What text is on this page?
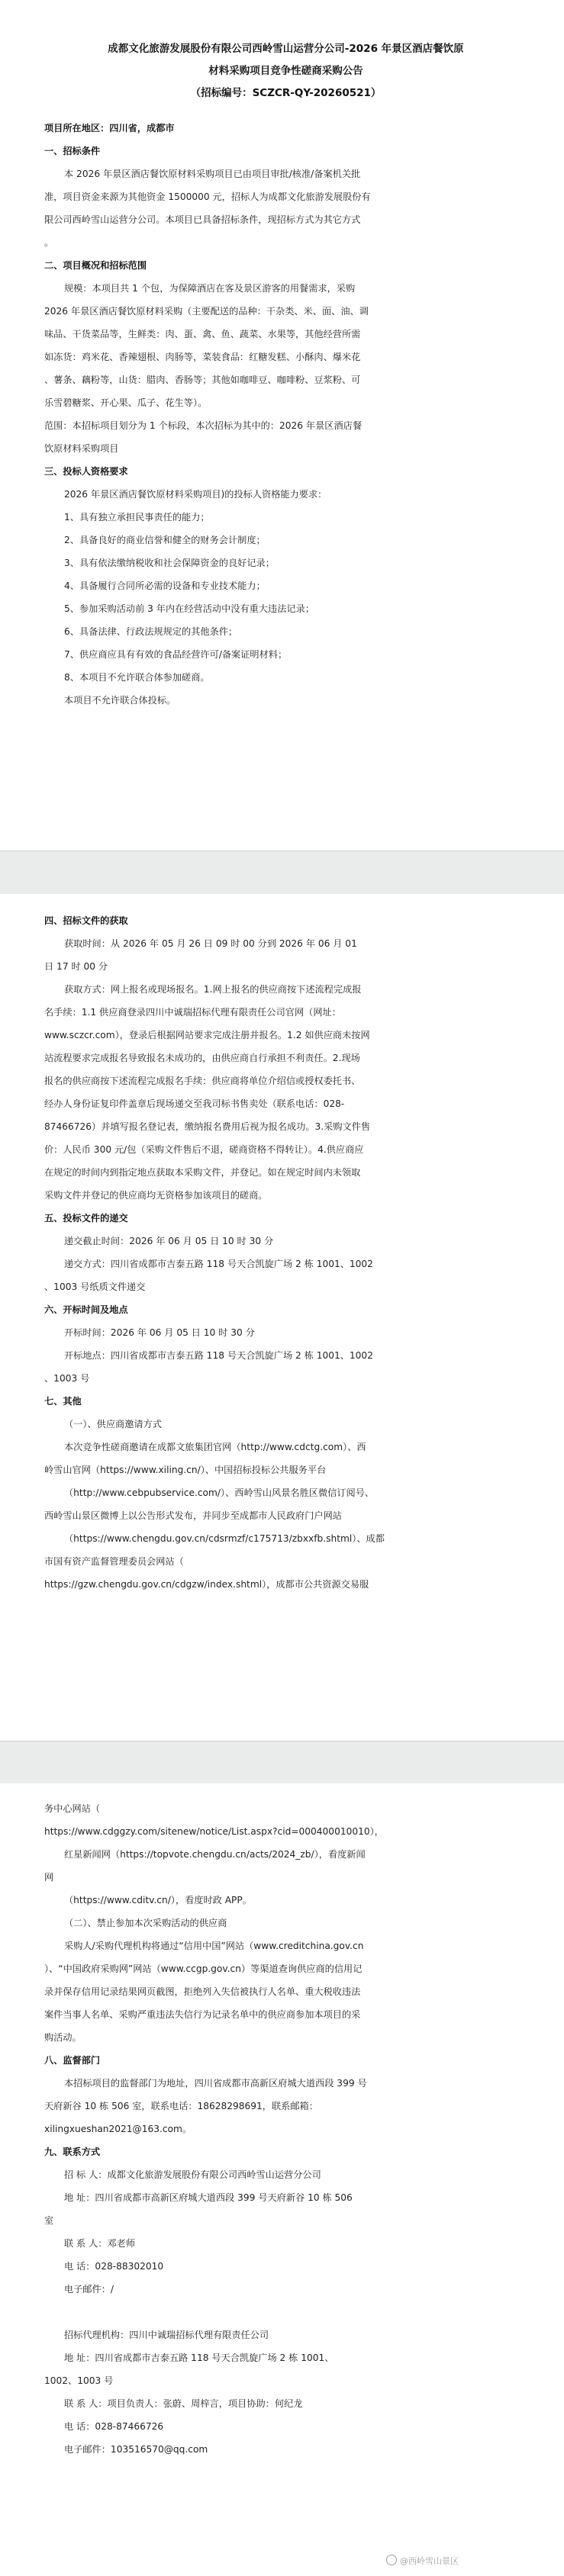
成都文化旅游发展股份有限公司西岭雪山运营分公司-2026 年景区酒店餐饮原
材料采购项目竞争性磋商采购公告
（招标编号：SCZCR-QY-20260521）
项目所在地区：四川省，成都市
一、招标条件
本 2026 年景区酒店餐饮原材料采购项目已由项目审批/核准/备案机关批
准，项目资金来源为其他资金 1500000 元，招标人为成都文化旅游发展股份有
限公司西岭雪山运营分公司。本项目已具备招标条件，现招标方式为其它方式
。
二、项目概况和招标范围
规模：本项目共 1 个包，为保障酒店在客及景区游客的用餐需求，采购
2026 年景区酒店餐饮原材料采购（主要配送的品种：干杂类、米、面、油、调
味品、干货菜品等，生鲜类：肉、蛋、禽、鱼、蔬菜、水果等，其他经营所需
如冻货：鸡米花、香辣翅根、肉肠等，菜装食品：红糖发糕、小酥肉、爆米花
、薯条、藕粉等，山货：腊肉、香肠等；其他如咖啡豆、咖啡粉、豆浆粉、可
乐雪碧糖浆、开心果、瓜子、花生等）。
范围：本招标项目划分为 1 个标段，本次招标为其中的：2026 年景区酒店餐
饮原材料采购项目
三、投标人资格要求
2026 年景区酒店餐饮原材料采购项目)的投标人资格能力要求：
1、具有独立承担民事责任的能力；
2、具备良好的商业信誉和健全的财务会计制度；
3、具有依法缴纳税收和社会保障资金的良好记录；
4、具备履行合同所必需的设备和专业技术能力；
5、参加采购活动前 3 年内在经营活动中没有重大违法记录；
6、具备法律、行政法规规定的其他条件；
7、供应商应具有有效的食品经营许可/备案证明材料；
8、本项目不允许联合体参加磋商。
本项目不允许联合体投标。
四、招标文件的获取
获取时间：从 2026 年 05 月 26 日 09 时 00 分到 2026 年 06 月 01
日 17 时 00 分
获取方式：网上报名或现场报名。1.网上报名的供应商按下述流程完成报
名手续：1.1 供应商登录四川中诚瑞招标代理有限责任公司官网（网址：
www.sczcr.com），登录后根据网站要求完成注册并报名。1.2 如供应商未按网
站流程要求完成报名导致报名未成功的，由供应商自行承担不利责任。2.现场
报名的供应商按下述流程完成报名手续：供应商将单位介绍信或授权委托书、
经办人身份证复印件盖章后现场递交至我司标书售卖处（联系电话：028-
87466726）并填写报名登记表，缴纳报名费用后视为报名成功。3.采购文件售
价：人民币 300 元/包（采购文件售后不退，磋商资格不得转让）。4.供应商应
在规定的时间内到指定地点获取本采购文件，并登记。如在规定时间内未领取
采购文件并登记的供应商均无资格参加该项目的磋商。
五、投标文件的递交
递交截止时间：2026 年 06 月 05 日 10 时 30 分
递交方式：四川省成都市吉泰五路 118 号天合凯旋广场 2 栋 1001、1002
、1003 号纸质文件递交
六、开标时间及地点
开标时间：2026 年 06 月 05 日 10 时 30 分
开标地点：四川省成都市吉泰五路 118 号天合凯旋广场 2 栋 1001、1002
、1003 号
七、其他
（一）、供应商邀请方式
本次竞争性磋商邀请在成都文旅集团官网（http://www.cdctg.com）、西
岭雪山官网（https://www.xiling.cn/）、中国招标投标公共服务平台
（http://www.cebpubservice.com/）、西岭雪山风景名胜区微信订阅号、
西岭雪山景区微博上以公告形式发布，并同步至成都市人民政府门户网站
（https://www.chengdu.gov.cn/cdsrmzf/c175713/zbxxfb.shtml）、成都
市国有资产监督管理委员会网站（
https://gzw.chengdu.gov.cn/cdgzw/index.shtml），成都市公共资源交易服
务中心网站（
https://www.cdggzy.com/sitenew/notice/List.aspx?cid=000400010010），
红星新闻网（https://topvote.chengdu.cn/acts/2024_zb/），看度新闻
网
（https://www.cditv.cn/），看度时政 APP。
（二）、禁止参加本次采购活动的供应商
采购人/采购代理机构将通过“信用中国”网站（www.creditchina.gov.cn
）、“中国政府采购网”网站（www.ccgp.gov.cn）等渠道查询供应商的信用记
录并保存信用记录结果网页截图，拒绝列入失信被执行人名单、重大税收违法
案件当事人名单、采购严重违法失信行为记录名单中的供应商参加本项目的采
购活动。
八、监督部门
本招标项目的监督部门为地址，四川省成都市高新区府城大道西段 399 号
天府新谷 10 栋 506 室，联系电话：18628298691，联系邮箱：
xilingxueshan2021@163.com。
九、联系方式
招 标 人：成都文化旅游发展股份有限公司西岭雪山运营分公司
地 址：四川省成都市高新区府城大道西段 399 号天府新谷 10 栋 506
室
联 系 人：邓老师
电 话：028-88302010
电子邮件：/
招标代理机构：四川中诚瑞招标代理有限责任公司
地 址：四川省成都市吉泰五路 118 号天合凯旋广场 2 栋 1001、
1002、1003 号
联 系 人：项目负责人：张蔚、周梓言，项目协助：何纪龙
电 话：028-87466726
电子邮件：103516570@qq.com
@西岭雪山景区
